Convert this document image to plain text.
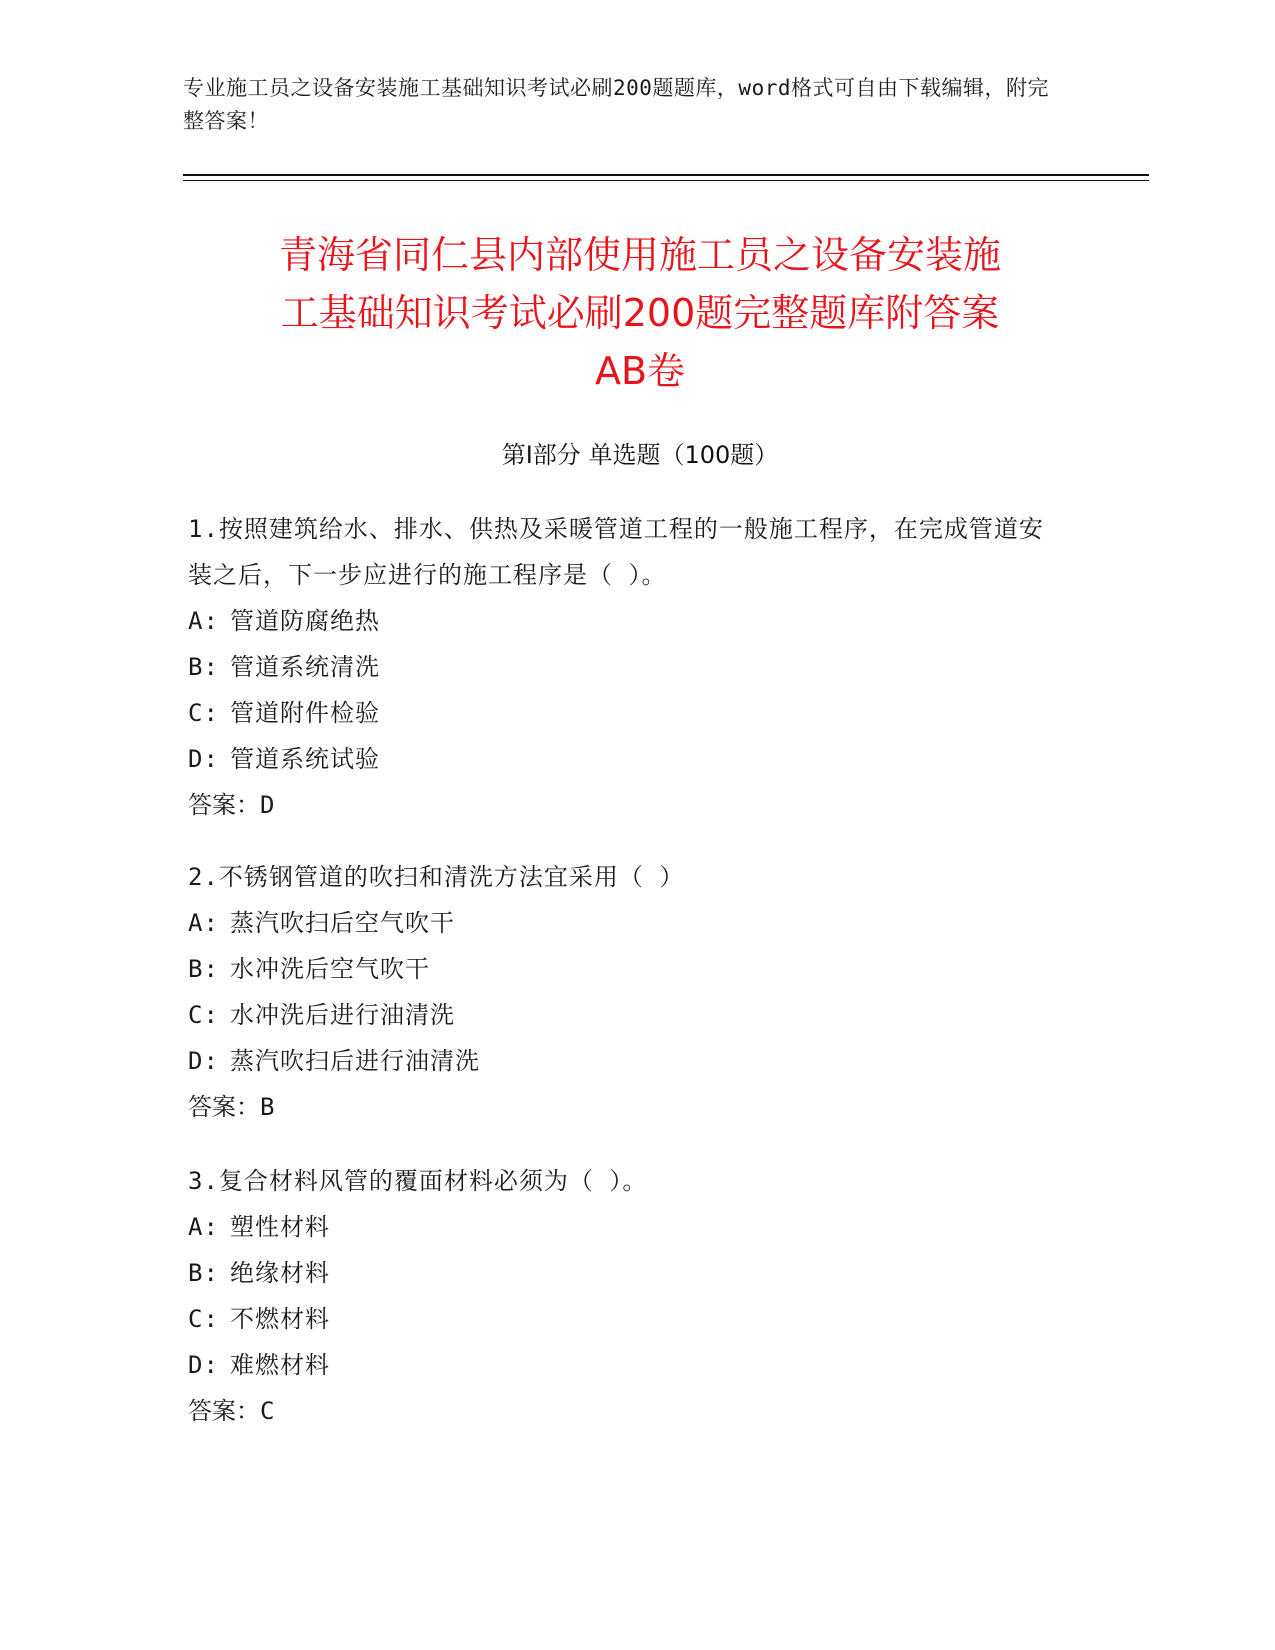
专业施工员之设备安装施工基础知识考试必刷200题题库，word格式可自由下载编辑，附完整答案！
青海省同仁县内部使用施工员之设备安装施
工基础知识考试必刷200题完整题库附答案
AB卷
第Ⅰ部分 单选题（100题）
1.按照建筑给水、排水、供热及采暖管道工程的一般施工程序，在完成管道安装之后，下一步应进行的施工程序是（ ）。
A: 管道防腐绝热
B: 管道系统清洗
C: 管道附件检验
D: 管道系统试验
答案：D
2.不锈钢管道的吹扫和清洗方法宜采用（ ）
A: 蒸汽吹扫后空气吹干
B: 水冲洗后空气吹干
C: 水冲洗后进行油清洗
D: 蒸汽吹扫后进行油清洗
答案：B
3.复合材料风管的覆面材料必须为（ ）。
A: 塑性材料
B: 绝缘材料
C: 不燃材料
D: 难燃材料
答案：C
